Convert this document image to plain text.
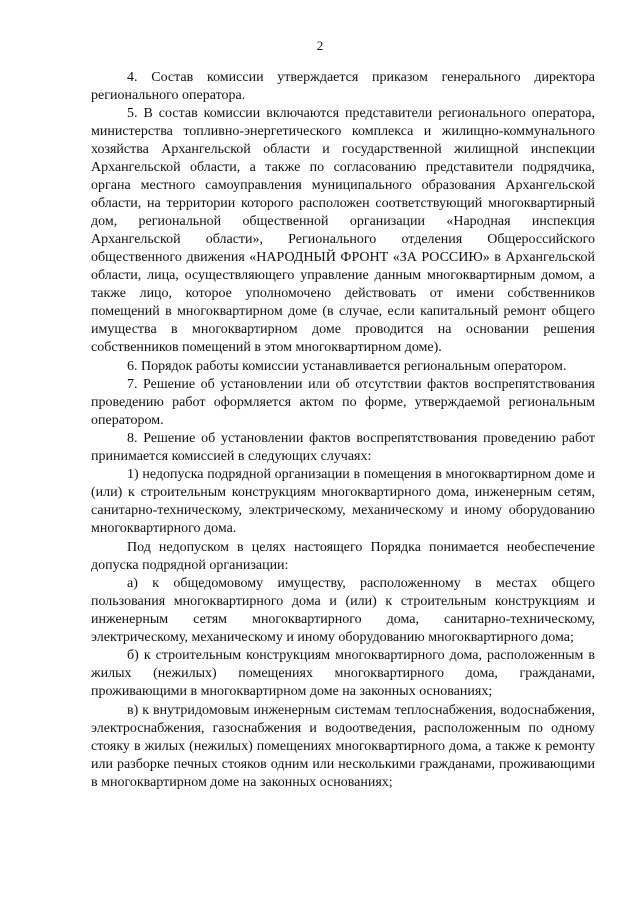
2

4. Состав комиссии утверждается приказом генерального директора регионального оператора.

5. В состав комиссии включаются представители регионального оператора, министерства топливно-энергетического комплекса и жилищно-коммунального хозяйства Архангельской области и государственной жилищной инспекции Архангельской области, а также по согласованию представители подрядчика, органа местного самоуправления муниципального образования Архангельской области, на территории которого расположен соответствующий многоквартирный дом, региональной общественной организации «Народная инспекция Архангельской области», Регионального отделения Общероссийского общественного движения «НАРОДНЫЙ ФРОНТ «ЗА РОССИЮ» в Архангельской области, лица, осуществляющего управление данным многоквартирным домом, а также лицо, которое уполномочено действовать от имени собственников помещений в многоквартирном доме (в случае, если капитальный ремонт общего имущества в многоквартирном доме проводится на основании решения собственников помещений в этом многоквартирном доме).

6. Порядок работы комиссии устанавливается региональным оператором.

7. Решение об установлении или об отсутствии фактов воспрепятствования проведению работ оформляется актом по форме, утверждаемой региональным оператором.

8. Решение об установлении фактов воспрепятствования проведению работ принимается комиссией в следующих случаях:

1) недопуска подрядной организации в помещения в многоквартирном доме и (или) к строительным конструкциям многоквартирного дома, инженерным сетям, санитарно-техническому, электрическому, механическому и иному оборудованию многоквартирного дома.

Под недопуском в целях настоящего Порядка понимается необеспечение допуска подрядной организации:

а) к общедомовому имуществу, расположенному в местах общего пользования многоквартирного дома и (или) к строительным конструкциям и инженерным сетям многоквартирного дома, санитарно-техническому, электрическому, механическому и иному оборудованию многоквартирного дома;

б) к строительным конструкциям многоквартирного дома, расположенным в жилых (нежилых) помещениях многоквартирного дома, гражданами, проживающими в многоквартирном доме на законных основаниях;

в) к внутридомовым инженерным системам теплоснабжения, водоснабжения, электроснабжения, газоснабжения и водоотведения, расположенным по одному стояку в жилых (нежилых) помещениях многоквартирного дома, а также к ремонту или разборке печных стояков одним или несколькими гражданами, проживающими в многоквартирном доме на законных основаниях;
